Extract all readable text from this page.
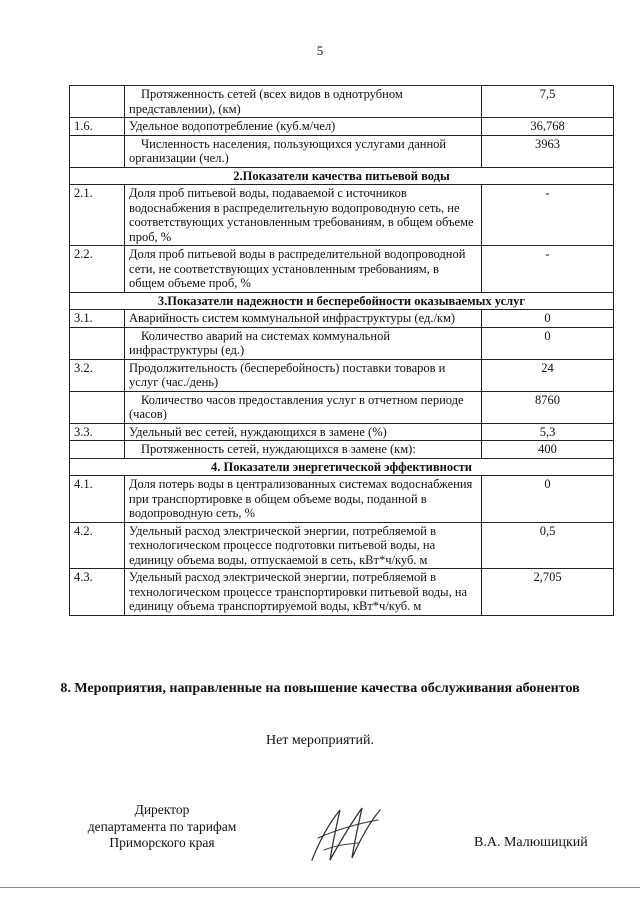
5
	Протяженность сетей (всех видов в однотрубном представлении), (км)	7,5
1.6.	Удельное водопотребление (куб.м/чел)	36,768
	Численность населения, пользующихся услугами данной организации (чел.)	3963
2.Показатели качества питьевой воды		
2.1.	Доля проб питьевой воды, подаваемой с источников водоснабжения в распределительную водопроводную сеть, не соответствующих установленным требованиям, в общем объеме проб, %	-
2.2.	Доля проб питьевой воды в распределительной водопроводной сети, не соответствующих установленным требованиям, в общем объеме проб, %	-
3.Показатели надежности и бесперебойности оказываемых услуг		
3.1.	Аварийность систем коммунальной инфраструктуры (ед./км)	0
	Количество аварий на системах коммунальной инфраструктуры (ед.)	0
3.2.	Продолжительность (бесперебойность) поставки товаров и услуг (час./день)	24
	Количество часов предоставления услуг в отчетном периоде (часов)	8760
3.3.	Удельный вес сетей, нуждающихся в замене (%)	5,3
	Протяженность сетей, нуждающихся в замене (км):	400
4. Показатели энергетической эффективности		
4.1.	Доля потерь воды в централизованных системах водоснабжения при транспортировке в общем объеме воды, поданной в водопроводную сеть, %	0
4.2.	Удельный расход электрической энергии, потребляемой в технологическом процессе подготовки питьевой воды, на единицу объема воды, отпускаемой в сеть, кВт*ч/куб. м	0,5
4.3.	Удельный расход электрической энергии, потребляемой в технологическом процессе транспортировки питьевой воды, на единицу объема транспортируемой воды, кВт*ч/куб. м	2,705
8. Мероприятия, направленные на повышение качества обслуживания абонентов
Нет мероприятий.
Директор
департамента по тарифам
Приморского края	В.А. Малюшицкий
